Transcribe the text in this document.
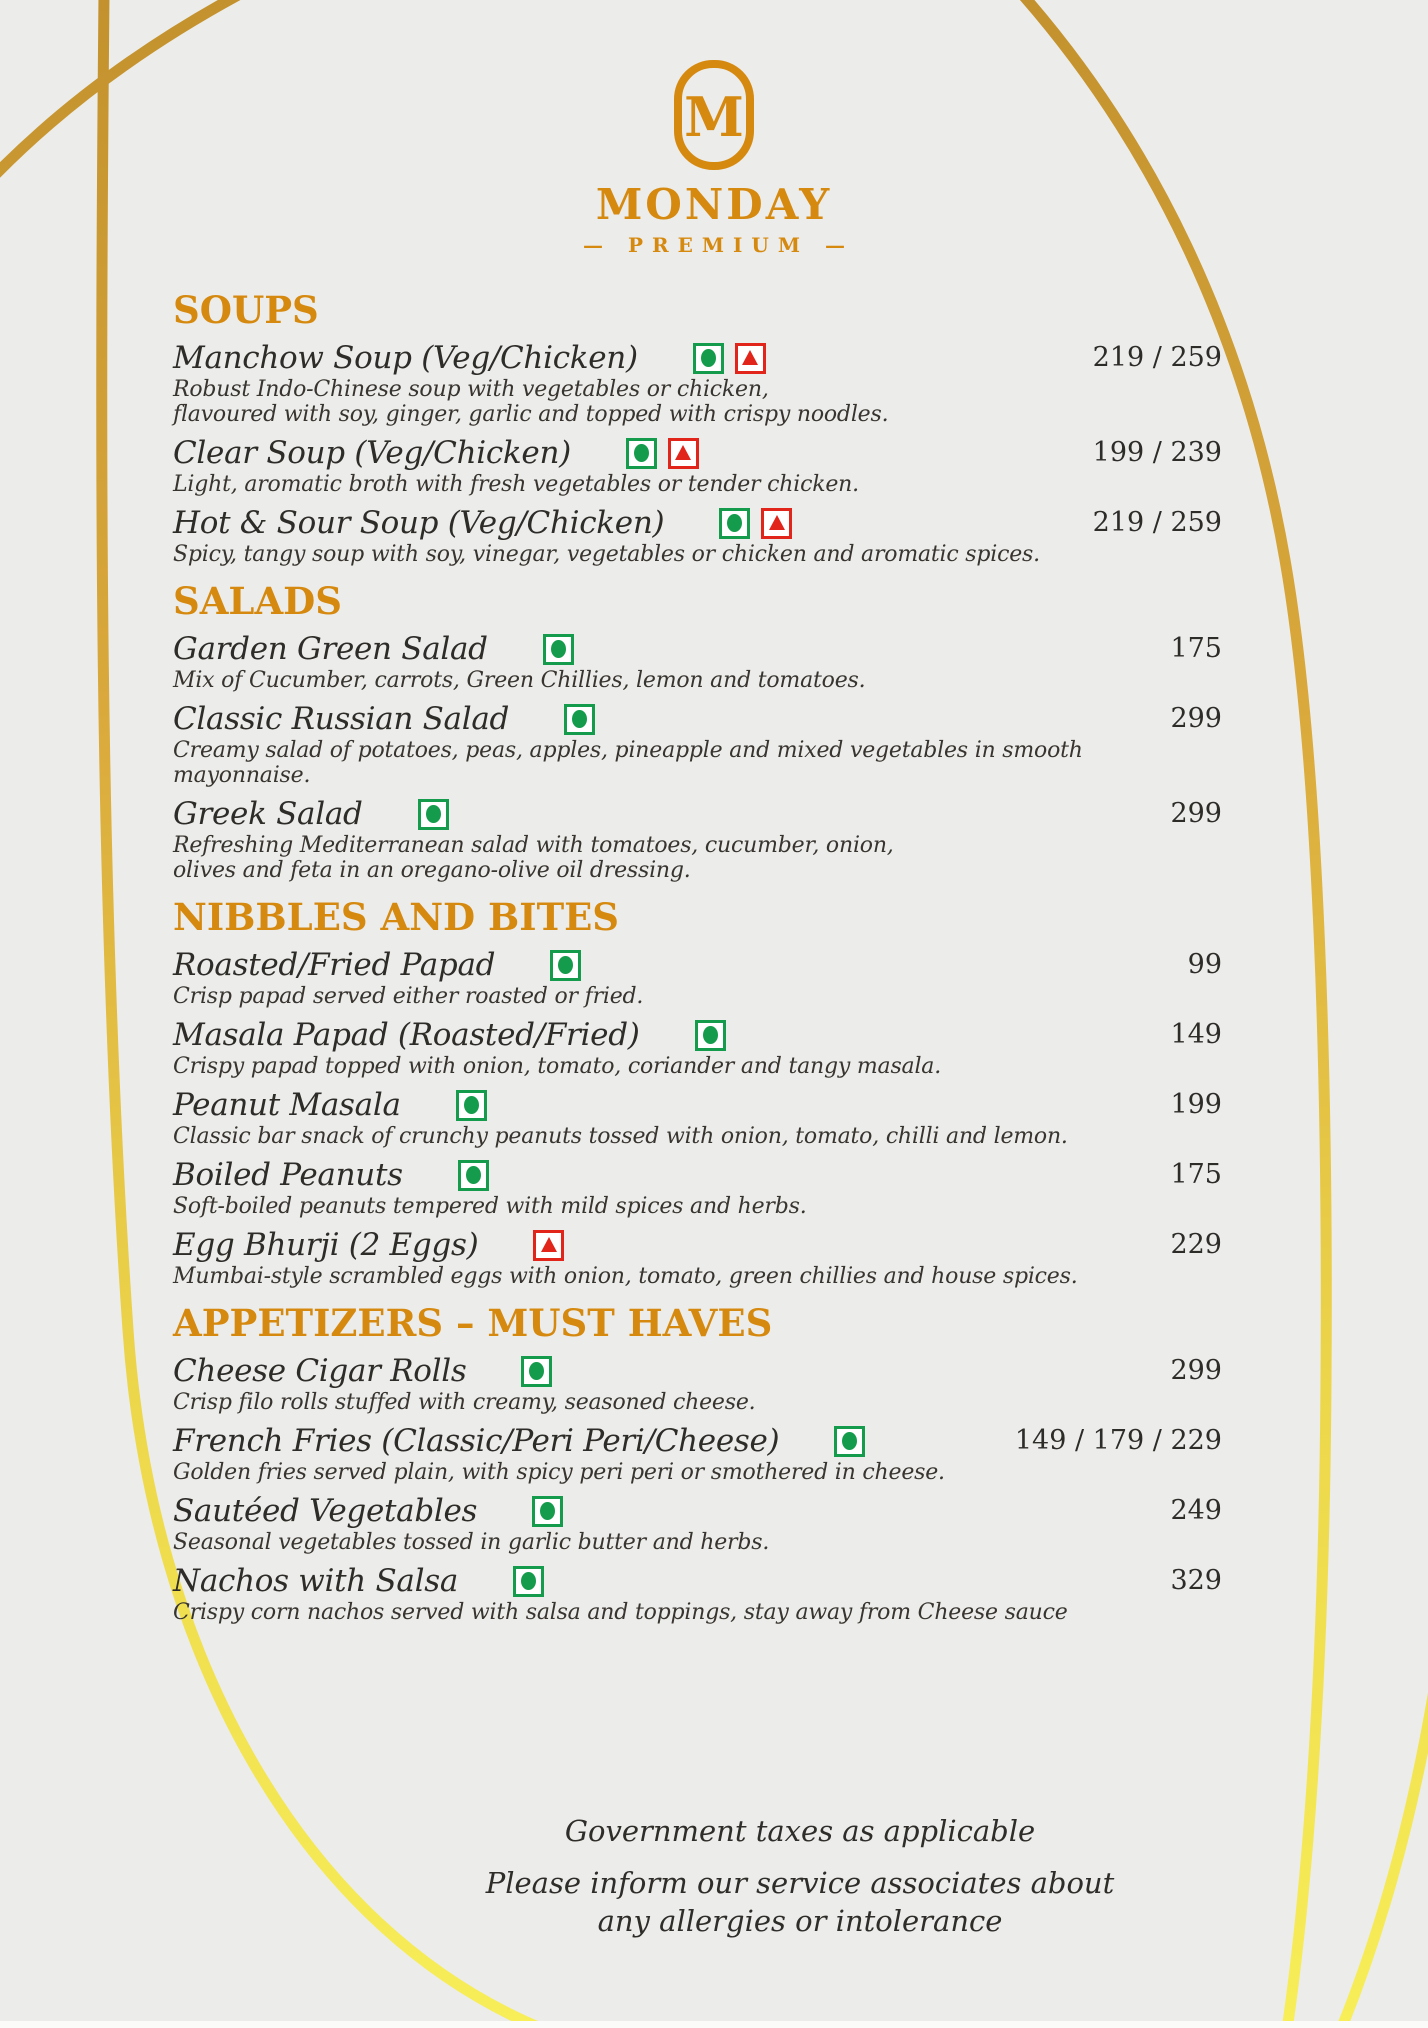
M
MONDAY
— PREMIUM —
SOUPS
Manchow Soup (Veg/Chicken)	219 / 259
Robust Indo-Chinese soup with vegetables or chicken,
flavoured with soy, ginger, garlic and topped with crispy noodles.
Clear Soup (Veg/Chicken)	199 / 239
Light, aromatic broth with fresh vegetables or tender chicken.
Hot & Sour Soup (Veg/Chicken)	219 / 259
Spicy, tangy soup with soy, vinegar, vegetables or chicken and aromatic spices.
SALADS
Garden Green Salad	175
Mix of Cucumber, carrots, Green Chillies, lemon and tomatoes.
Classic Russian Salad	299
Creamy salad of potatoes, peas, apples, pineapple and mixed vegetables in smooth mayonnaise.
Greek Salad	299
Refreshing Mediterranean salad with tomatoes, cucumber, onion,
olives and feta in an oregano-olive oil dressing.
NIBBLES AND BITES
Roasted/Fried Papad	99
Crisp papad served either roasted or fried.
Masala Papad (Roasted/Fried)	149
Crispy papad topped with onion, tomato, coriander and tangy masala.
Peanut Masala	199
Classic bar snack of crunchy peanuts tossed with onion, tomato, chilli and lemon.
Boiled Peanuts	175
Soft-boiled peanuts tempered with mild spices and herbs.
Egg Bhurji (2 Eggs)	229
Mumbai-style scrambled eggs with onion, tomato, green chillies and house spices.
APPETIZERS – MUST HAVES
Cheese Cigar Rolls	299
Crisp filo rolls stuffed with creamy, seasoned cheese.
French Fries (Classic/Peri Peri/Cheese)	149 / 179 / 229
Golden fries served plain, with spicy peri peri or smothered in cheese.
Sautéed Vegetables	249
Seasonal vegetables tossed in garlic butter and herbs.
Nachos with Salsa	329
Crispy corn nachos served with salsa and toppings, stay away from Cheese sauce

Government taxes as applicable

Please inform our service associates about
any allergies or intolerance
